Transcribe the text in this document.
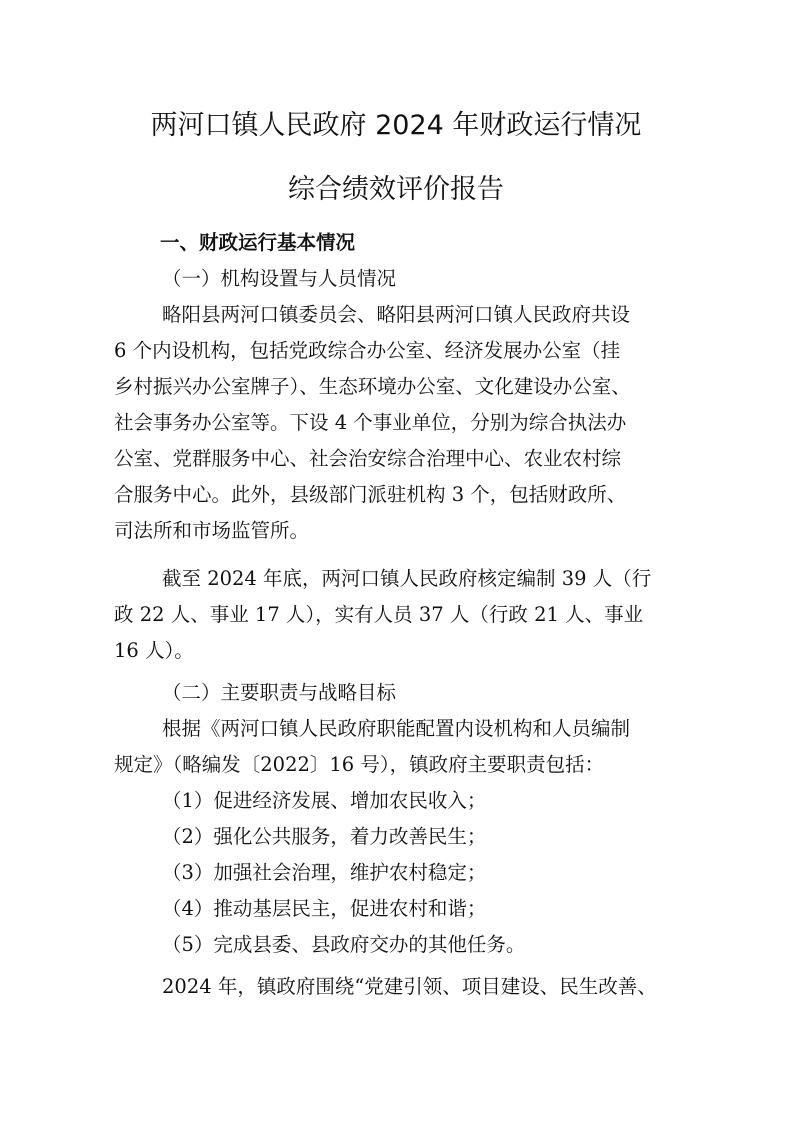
两河口镇人民政府 2024 年财政运行情况
综合绩效评价报告
一、财政运行基本情况
（一）机构设置与人员情况
略阳县两河口镇委员会、略阳县两河口镇人民政府共设
6 个内设机构，包括党政综合办公室、经济发展办公室（挂
乡村振兴办公室牌子）、生态环境办公室、文化建设办公室、
社会事务办公室等。下设 4 个事业单位，分别为综合执法办
公室、党群服务中心、社会治安综合治理中心、农业农村综
合服务中心。此外，县级部门派驻机构 3 个，包括财政所、
司法所和市场监管所。
截至 2024 年底，两河口镇人民政府核定编制 39 人（行
政 22 人、事业 17 人），实有人员 37 人（行政 21 人、事业
16 人）。
（二）主要职责与战略目标
根据《两河口镇人民政府职能配置内设机构和人员编制
规定》（略编发〔2022〕16 号），镇政府主要职责包括：
（1）促进经济发展、增加农民收入；
（2）强化公共服务，着力改善民生；
（3）加强社会治理，维护农村稳定；
（4）推动基层民主，促进农村和谐；
（5）完成县委、县政府交办的其他任务。
2024 年，镇政府围绕“党建引领、项目建设、民生改善、
